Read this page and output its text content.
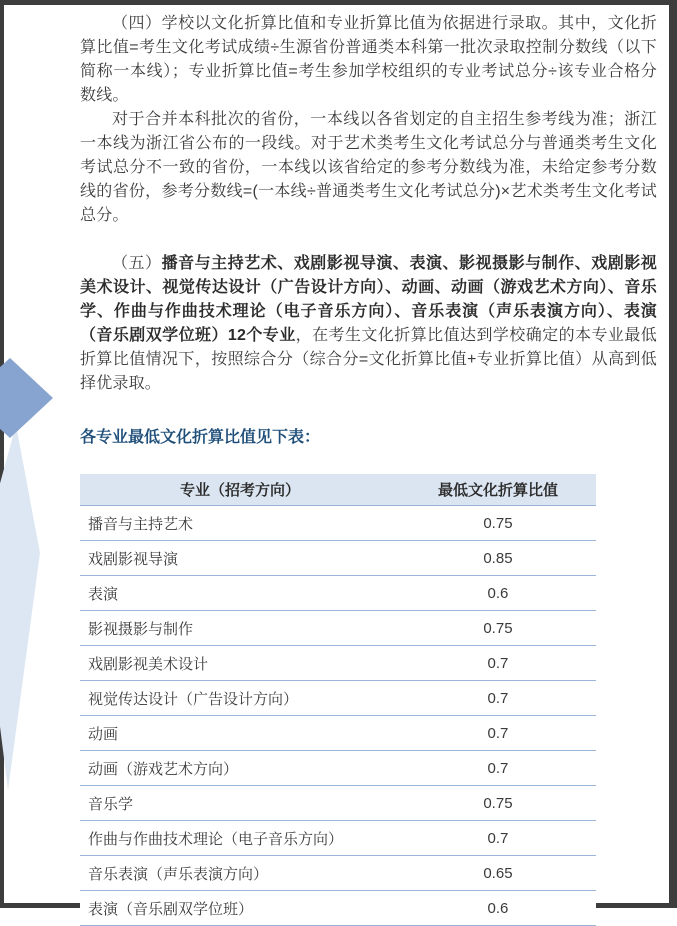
（四）学校以文化折算比值和专业折算比值为依据进行录取。其中，文化折算比值=考生文化考试成绩÷生源省份普通类本科第一批次录取控制分数线（以下简称一本线）；专业折算比值=考生参加学校组织的专业考试总分÷该专业合格分数线。

对于合并本科批次的省份，一本线以各省划定的自主招生参考线为准；浙江一本线为浙江省公布的一段线。对于艺术类考生文化考试总分与普通类考生文化考试总分不一致的省份，一本线以该省给定的参考分数线为准，未给定参考分数线的省份，参考分数线=(一本线÷普通类考生文化考试总分)×艺术类考生文化考试总分。

（五）播音与主持艺术、戏剧影视导演、表演、影视摄影与制作、戏剧影视美术设计、视觉传达设计（广告设计方向）、动画、动画（游戏艺术方向）、音乐学、作曲与作曲技术理论（电子音乐方向）、音乐表演（声乐表演方向）、表演（音乐剧双学位班）12个专业，在考生文化折算比值达到学校确定的本专业最低折算比值情况下，按照综合分（综合分=文化折算比值+专业折算比值）从高到低择优录取。

各专业最低文化折算比值见下表：

专业（招考方向）	最低文化折算比值
播音与主持艺术	0.75
戏剧影视导演	0.85
表演	0.6
影视摄影与制作	0.75
戏剧影视美术设计	0.7
视觉传达设计（广告设计方向）	0.7
动画	0.7
动画（游戏艺术方向）	0.7
音乐学	0.75
作曲与作曲技术理论（电子音乐方向）	0.7
音乐表演（声乐表演方向）	0.65
表演（音乐剧双学位班）	0.6
